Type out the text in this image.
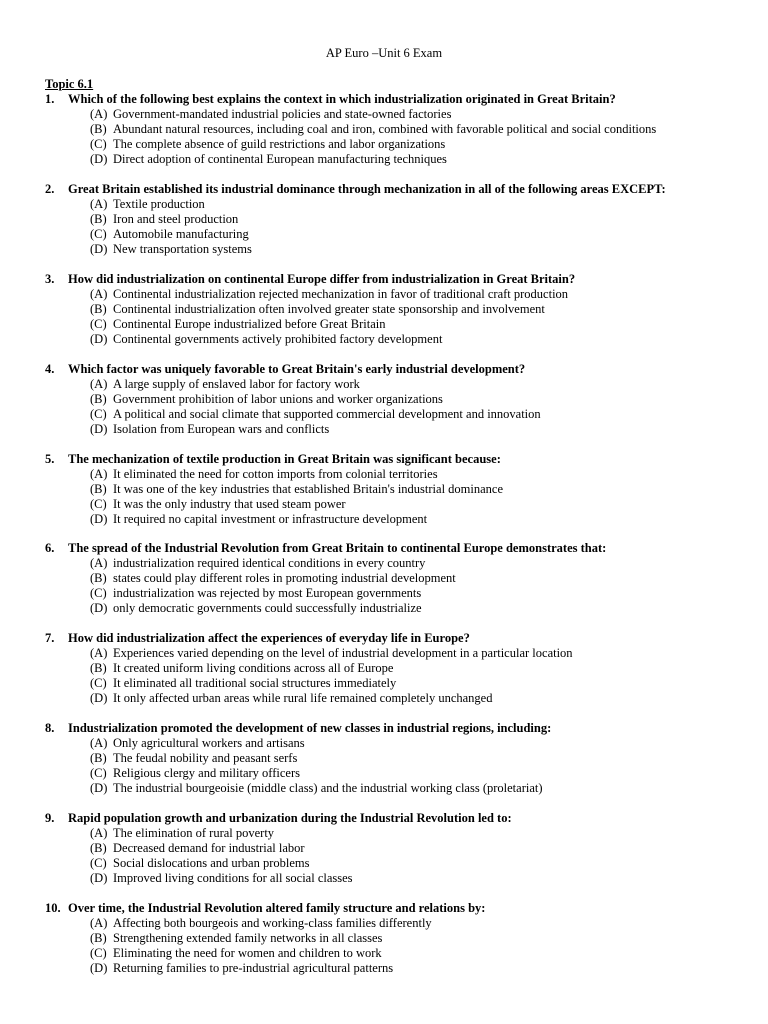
AP Euro –Unit 6 Exam
Topic 6.1
1. Which of the following best explains the context in which industrialization originated in Great Britain?
(A) Government-mandated industrial policies and state-owned factories
(B) Abundant natural resources, including coal and iron, combined with favorable political and social conditions
(C) The complete absence of guild restrictions and labor organizations
(D) Direct adoption of continental European manufacturing techniques
2. Great Britain established its industrial dominance through mechanization in all of the following areas EXCEPT:
(A) Textile production
(B) Iron and steel production
(C) Automobile manufacturing
(D) New transportation systems
3. How did industrialization on continental Europe differ from industrialization in Great Britain?
(A) Continental industrialization rejected mechanization in favor of traditional craft production
(B) Continental industrialization often involved greater state sponsorship and involvement
(C) Continental Europe industrialized before Great Britain
(D) Continental governments actively prohibited factory development
4. Which factor was uniquely favorable to Great Britain's early industrial development?
(A) A large supply of enslaved labor for factory work
(B) Government prohibition of labor unions and worker organizations
(C) A political and social climate that supported commercial development and innovation
(D) Isolation from European wars and conflicts
5. The mechanization of textile production in Great Britain was significant because:
(A) It eliminated the need for cotton imports from colonial territories
(B) It was one of the key industries that established Britain's industrial dominance
(C) It was the only industry that used steam power
(D) It required no capital investment or infrastructure development
6. The spread of the Industrial Revolution from Great Britain to continental Europe demonstrates that:
(A) industrialization required identical conditions in every country
(B) states could play different roles in promoting industrial development
(C) industrialization was rejected by most European governments
(D) only democratic governments could successfully industrialize
7. How did industrialization affect the experiences of everyday life in Europe?
(A) Experiences varied depending on the level of industrial development in a particular location
(B) It created uniform living conditions across all of Europe
(C) It eliminated all traditional social structures immediately
(D) It only affected urban areas while rural life remained completely unchanged
8. Industrialization promoted the development of new classes in industrial regions, including:
(A) Only agricultural workers and artisans
(B) The feudal nobility and peasant serfs
(C) Religious clergy and military officers
(D) The industrial bourgeoisie (middle class) and the industrial working class (proletariat)
9. Rapid population growth and urbanization during the Industrial Revolution led to:
(A) The elimination of rural poverty
(B) Decreased demand for industrial labor
(C) Social dislocations and urban problems
(D) Improved living conditions for all social classes
10. Over time, the Industrial Revolution altered family structure and relations by:
(A) Affecting both bourgeois and working-class families differently
(B) Strengthening extended family networks in all classes
(C) Eliminating the need for women and children to work
(D) Returning families to pre-industrial agricultural patterns
